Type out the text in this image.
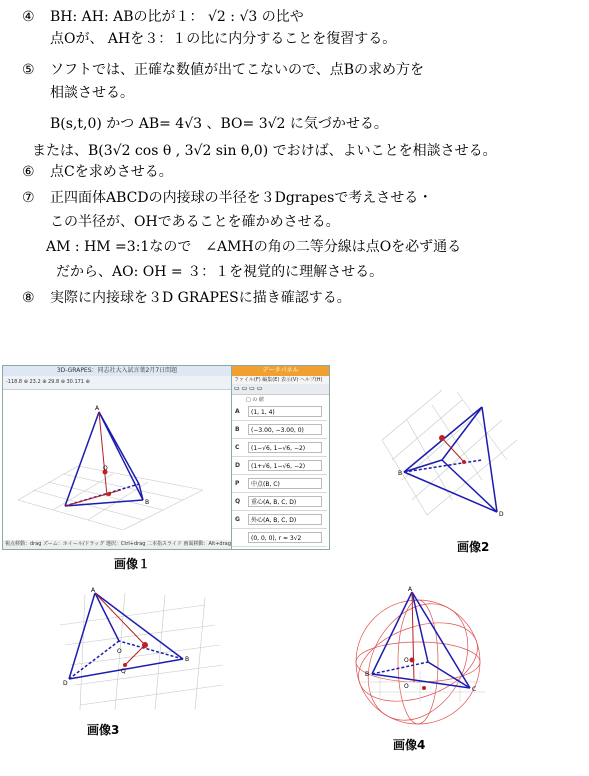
④ BH: AH: ABの比が１： √2 : √3 の比や
点Oが、 AHを３：１の比に内分することを復習する。
⑤ ソフトでは、正確な数値が出てこないので、点Bの求め方を
相談させる。
B(s,t,0) かつ AB= 4√3 、BO= 3√2 に気づかせる。
または、B(3√2 cos θ , 3√2 sin θ,0) でおけば、よいことを相談させる。
⑥ 点Cを求めさせる。
⑦ 正四面体ABCDの内接球の半径を３Dgrapesで考えさせる・
この半径が、OHであることを確かめさせる。
AM : HM =3:1なので　∠AMHの角の二等分線は点Oを必ず通る
だから、AO: OH = ３：１を視覚的に理解させる。
⑧ 実際に内接球を３D GRAPESに描き確認する。
3D-GRAPES：同志社大入試言葉2月7日問題
-118.8 ⊕ 23.2 ⊕ 29.8 ⊕ 30.171 ⊕
A
O
B
視点移動：drag ズーム：ホイール/ドラッグ 選択：Ctrl+drag 二本指スライド 画面移動：Alt+drag
データパネル
ファイル(F) 編集(E) 表示(V) ヘルプ(H)
▭ ▭ ▭ ▭
□ の 値
A	(1, 1, 4)
B	(−3.00, −3.00, 0)
C	(1−√6, 1−√6, −2)
D	(1+√6, 1−√6, −2)
P	中点(B, C)
Q	重心(A, B, C, D)
G	外心(A, B, C, D)
(0, 0, 0), r = 3√2
画像１
B
D
画像2
A
D
B
O
Q
画像3
A
B
C
O
O
画像4
